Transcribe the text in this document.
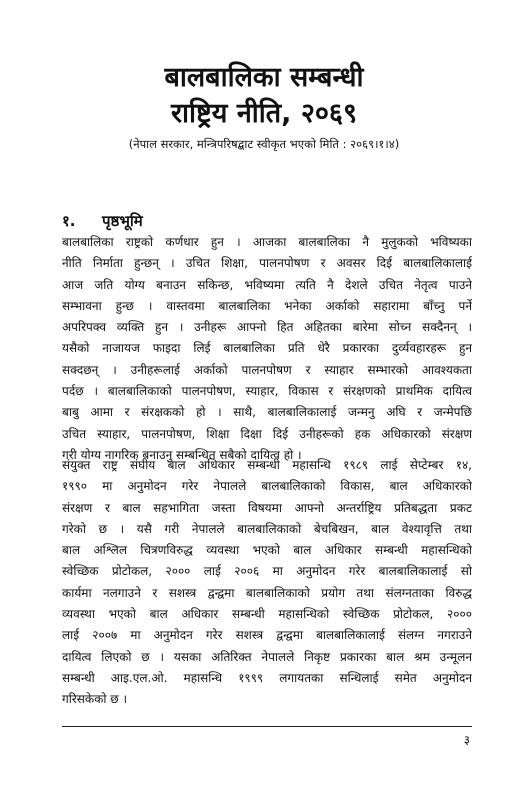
बालबालिका सम्बन्धी
राष्ट्रिय नीति, २०६९
(नेपाल सरकार, मन्त्रिपरिषद्बाट स्वीकृत भएको मिति : २०६९।१।४)
१. पृष्ठभूमि
बालबालिका राष्ट्रको कर्णधार हुन । आजका बालबालिका नै मुलुकको भविष्यका
नीति निर्माता हुन्छन् । उचित शिक्षा, पालनपोषण र अवसर दिई बालबालिकालाई
आज जति योग्य बनाउन सकिन्छ, भविष्यमा त्यति नै देशले उचित नेतृत्व पाउने
सम्भावना हुन्छ । वास्तवमा बालबालिका भनेका अर्काको सहारामा बाँच्नु पर्ने
अपरिपक्व व्यक्ति हुन । उनीहरू आफ्नो हित अहितका बारेमा सोच्न सक्दैनन् ।
यसैको नाजायज फाइदा लिई बालबालिका प्रति धेरै प्रकारका दुर्व्यवहारहरू हुन
सक्दछन् । उनीहरूलाई अर्काको पालनपोषण र स्याहार सम्भारको आवश्यकता
पर्दछ । बालबालिकाको पालनपोषण, स्याहार, विकास र संरक्षणको प्राथमिक दायित्व
बाबु आमा र संरक्षकको हो । साथै, बालबालिकालाई जन्मनु अघि र जन्मेपछि
उचित स्याहार, पालनपोषण, शिक्षा दिक्षा दिई उनीहरूको हक अधिकारको संरक्षण
गरी योग्य नागरिक बनाउनु सम्बन्धित सबैको दायित्व हो ।
संयुक्त राष्ट्र संघीय बाल अधिकार सम्बन्धी महासन्धि १९८९ लाई सेप्टेम्बर १४,
१९९० मा अनुमोदन गरेर नेपालले बालबालिकाको विकास, बाल अधिकारको
संरक्षण र बाल सहभागिता जस्ता विषयमा आफ्नो अन्तर्राष्ट्रिय प्रतिबद्धता प्रकट
गरेको छ । यसै गरी नेपालले बालबालिकाको बेचबिखन, बाल वेश्यावृत्ति तथा
बाल अश्लिल चित्रणविरुद्ध व्यवस्था भएको बाल अधिकार सम्बन्धी महासन्धिको
स्वेच्छिक प्रोटोकल, २००० लाई २००६ मा अनुमोदन गरेर बालबालिकालाई सो
कार्यमा नलगाउने र सशस्त्र द्वन्द्वमा बालबालिकाको प्रयोग तथा संलग्नताका विरुद्ध
व्यवस्था भएको बाल अधिकार सम्बन्धी महासन्धिको स्वेच्छिक प्रोटोकल, २०००
लाई २००७ मा अनुमोदन गरेर सशस्त्र द्वन्द्वमा बालबालिकालाई संलग्न नगराउने
दायित्व लिएको छ । यसका अतिरिक्त नेपालले निकृष्ट प्रकारका बाल श्रम उन्मूलन
सम्बन्धी आइ.एल.ओ. महासन्धि १९९९ लगायतका सन्धिलाई समेत अनुमोदन
गरिसकेको छ ।
३
